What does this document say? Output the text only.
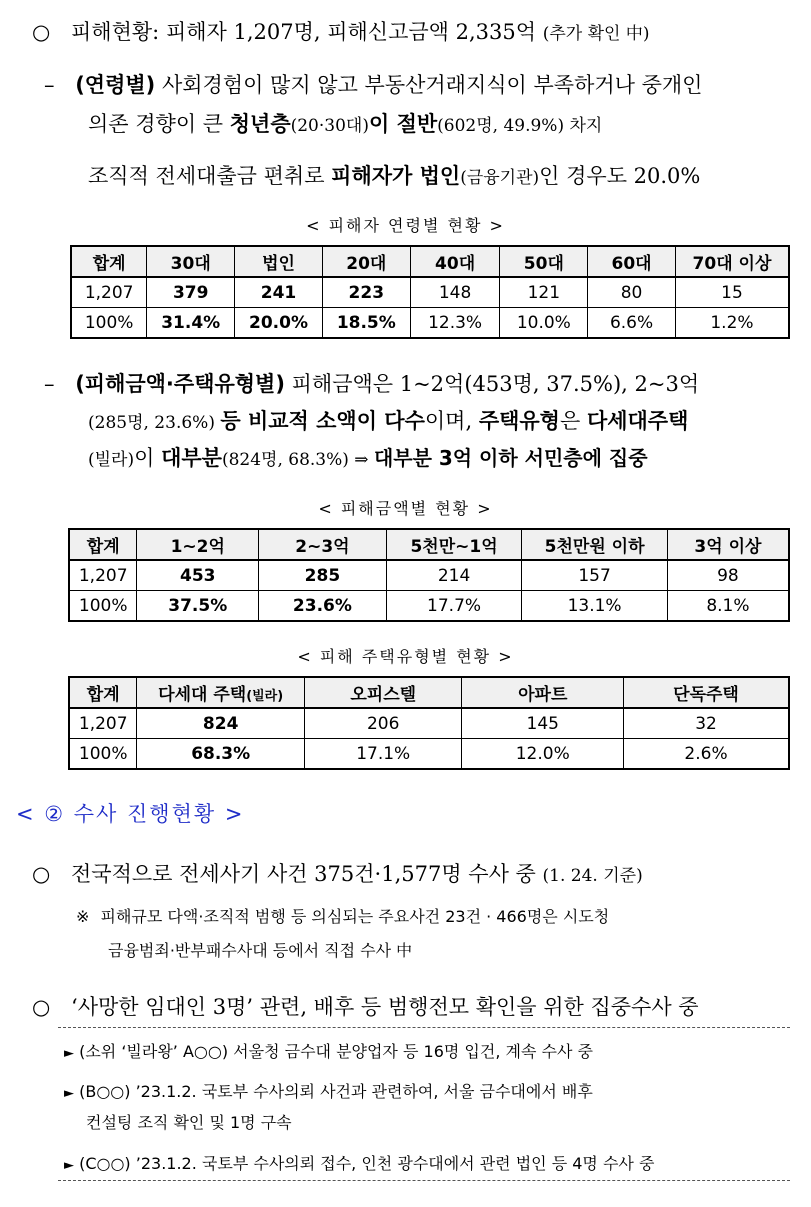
○ 피해현황: 피해자 1,207명, 피해신고금액 2,335억 (추가 확인 中)
– (연령별) 사회경험이 많지 않고 부동산거래지식이 부족하거나 중개인
의존 경향이 큰 청년층(20·30대)이 절반(602명, 49.9%) 차지
조직적 전세대출금 편취로 피해자가 법인(금융기관)인 경우도 20.0%
< 피해자 연령별 현황 >
합계	30대	법인	20대	40대	50대	60대	70대 이상
1,207	379	241	223	148	121	80	15
100%	31.4%	20.0%	18.5%	12.3%	10.0%	6.6%	1.2%
– (피해금액·주택유형별) 피해금액은 1~2억(453명, 37.5%), 2~3억
(285명, 23.6%) 등 비교적 소액이 다수이며, 주택유형은 다세대주택
(빌라)이 대부분(824명, 68.3%) ⇒ 대부분 3억 이하 서민층에 집중
< 피해금액별 현황 >
합계	1~2억	2~3억	5천만~1억	5천만원 이하	3억 이상
1,207	453	285	214	157	98
100%	37.5%	23.6%	17.7%	13.1%	8.1%
< 피해 주택유형별 현황 >
합계	다세대 주택(빌라)	오피스텔	아파트	단독주택
1,207	824	206	145	32
100%	68.3%	17.1%	12.0%	2.6%
< ② 수사 진행현황 >
○ 전국적으로 전세사기 사건 375건·1,577명 수사 중 (1. 24. 기준)
※ 피해규모 다액·조직적 범행 등 의심되는 주요사건 23건 · 466명은 시도청
금융범죄·반부패수사대 등에서 직접 수사 中
○ ‘사망한 임대인 3명’ 관련, 배후 등 범행전모 확인을 위한 집중수사 중
► (소위 ‘빌라왕’ A○○) 서울청 금수대 분양업자 등 16명 입건, 계속 수사 중
► (B○○) ’23.1.2. 국토부 수사의뢰 사건과 관련하여, 서울 금수대에서 배후
컨설팅 조직 확인 및 1명 구속
► (C○○) ’23.1.2. 국토부 수사의뢰 접수, 인천 광수대에서 관련 법인 등 4명 수사 중
